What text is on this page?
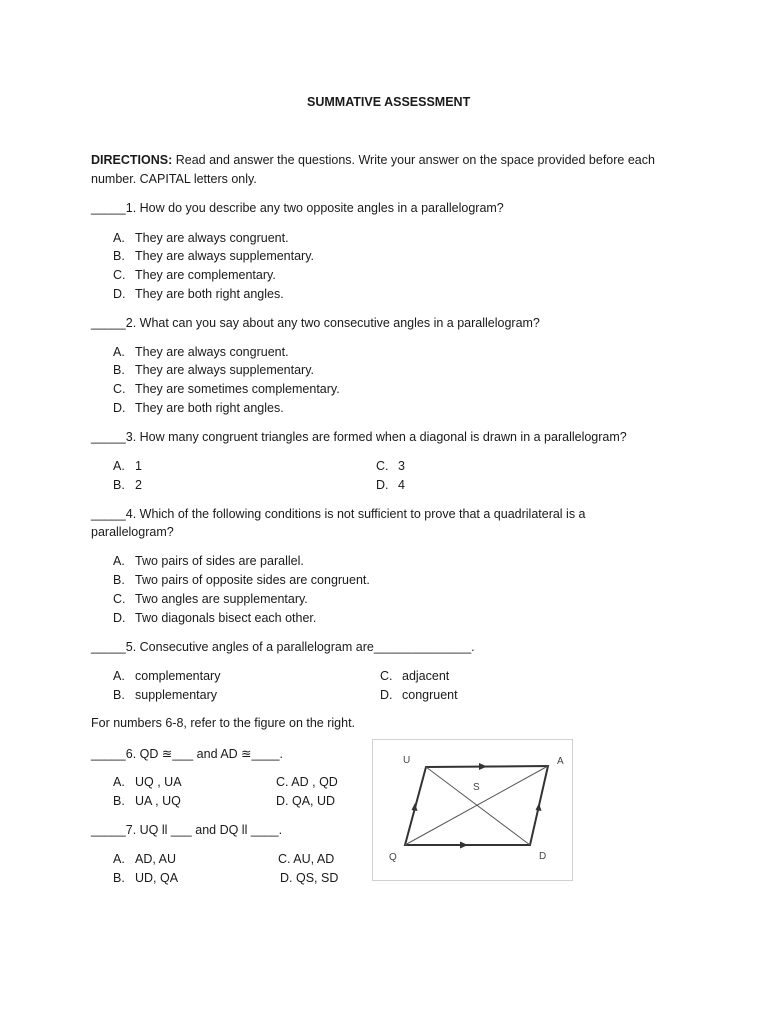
SUMMATIVE ASSESSMENT
DIRECTIONS: Read and answer the questions. Write your answer on the space provided before each
number. CAPITAL letters only.
_____1. How do you describe any two opposite angles in a parallelogram?
A. They are always congruent.
B. They are always supplementary.
C. They are complementary.
D. They are both right angles.
_____2. What can you say about any two consecutive angles in a parallelogram?
A. They are always congruent.
B. They are always supplementary.
C. They are sometimes complementary.
D. They are both right angles.
_____3. How many congruent triangles are formed when a diagonal is drawn in a parallelogram?
A. 1
B. 2
C. 3
D. 4
_____4. Which of the following conditions is not sufficient to prove that a quadrilateral is a
parallelogram?
A. Two pairs of sides are parallel.
B. Two pairs of opposite sides are congruent.
C. Two angles are supplementary.
D. Two diagonals bisect each other.
_____5. Consecutive angles of a parallelogram are______________.
A. complementary
B. supplementary
C. adjacent
D. congruent
For numbers 6-8, refer to the figure on the right.
_____6. QD ≊___ and AD ≊____.
A. UQ , UA
B. UA , UQ
C. AD , QD
D. QA, UD
_____7. UQ ll ___ and DQ ll ____.
A. AD, AU
B. UD, QA
C. AU, AD
D. QS, SD
U	A
Q	D
S
